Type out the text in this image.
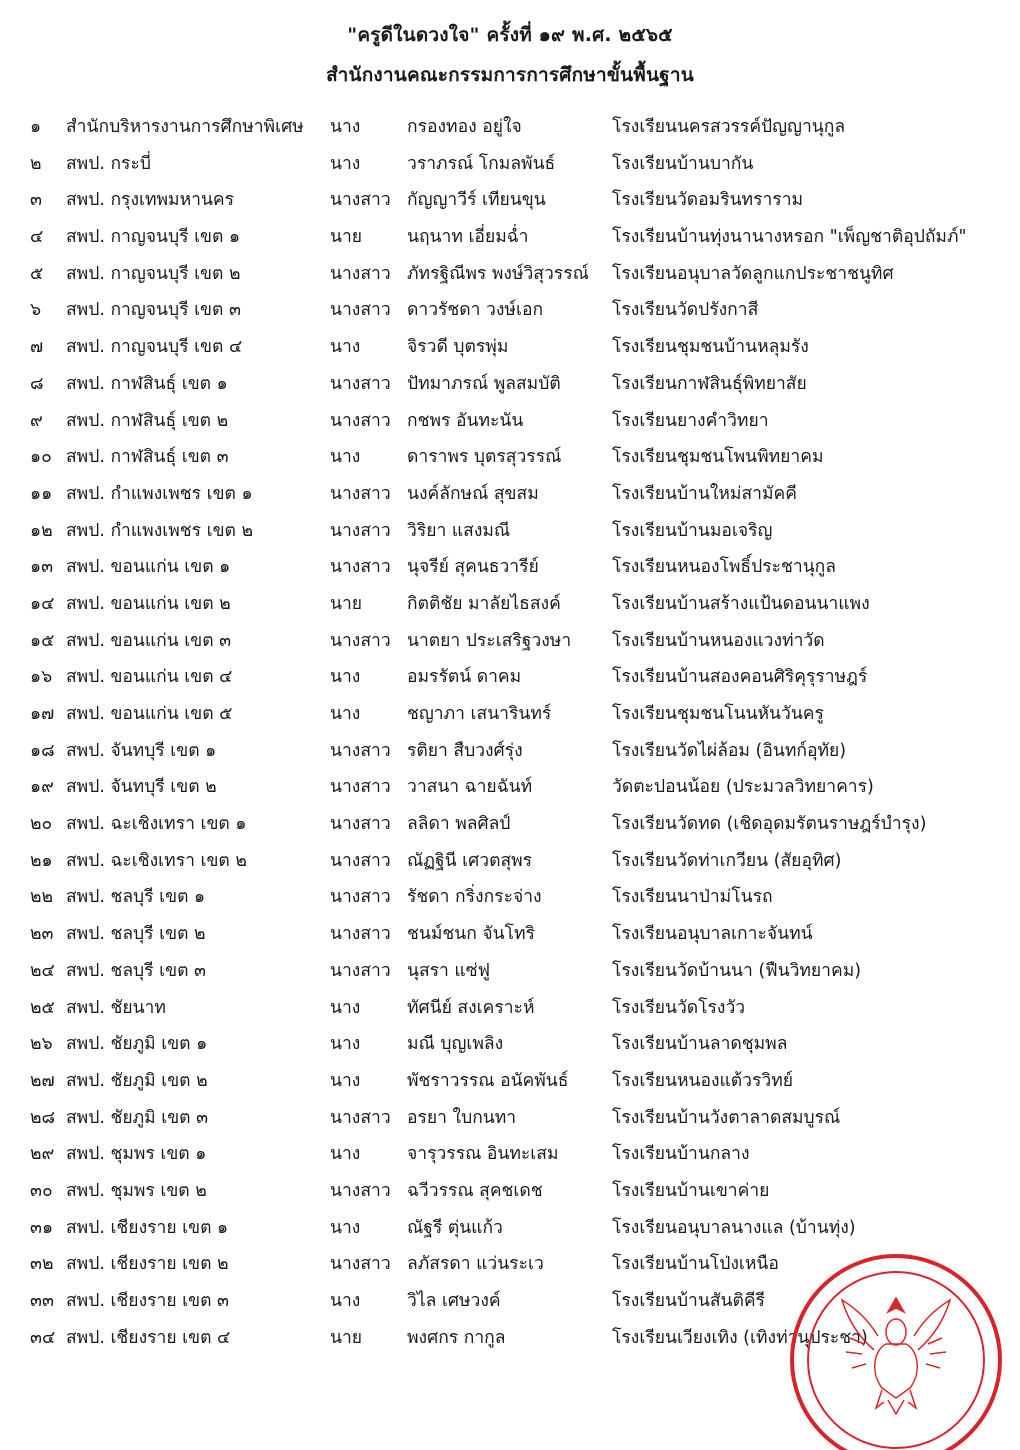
"ครูดีในดวงใจ" ครั้งที่ ๑๙ พ.ศ. ๒๕๖๕
สำนักงานคณะกรรมการการศึกษาขั้นพื้นฐาน
๑ สำนักบริหารงานการศึกษาพิเศษ นาง	กรองทอง อยู่ใจ	โรงเรียนนครสวรรค์ปัญญานุกูล
๒ สพป. กระบี่	นาง	วราภรณ์ โกมลพันธ์	โรงเรียนบ้านบากัน
๓ สพป. กรุงเทพมหานคร	นางสาว กัญญาวีร์ เทียนขุน	โรงเรียนวัดอมรินทราราม
๔ สพป. กาญจนบุรี เขต ๑	นาย	นฤนาท เอี่ยมฉ่ำ	โรงเรียนบ้านทุ่งนานางหรอก "เพ็ญชาติอุปถัมภ์"
๕ สพป. กาญจนบุรี เขต ๒	นางสาว ภัทรฐิณีพร พงษ์วิสุวรรณ์ โรงเรียนอนุบาลวัดลูกแกประชาชนูทิศ
๖ สพป. กาญจนบุรี เขต ๓	นางสาว ดาวรัชดา วงษ์เอก	โรงเรียนวัดปรังกาสี
๗ สพป. กาญจนบุรี เขต ๔	นาง	จิรวดี บุตรพุ่ม	โรงเรียนชุมชนบ้านหลุมรัง
๘ สพป. กาฬสินธุ์ เขต ๑	นางสาว ปัทมาภรณ์ พูลสมบัติ	โรงเรียนกาฬสินธุ์พิทยาสัย
๙ สพป. กาฬสินธุ์ เขต ๒	นางสาว กชพร อันทะนัน	โรงเรียนยางคำวิทยา
๑๐ สพป. กาฬสินธุ์ เขต ๓	นาง	ดาราพร บุตรสุวรรณ์	โรงเรียนชุมชนโพนพิทยาคม
๑๑ สพป. กำแพงเพชร เขต ๑	นางสาว นงค์ลักษณ์ สุขสม	โรงเรียนบ้านใหม่สามัคคี
๑๒ สพป. กำแพงเพชร เขต ๒	นางสาว วิริยา แสงมณี	โรงเรียนบ้านมอเจริญ
๑๓ สพป. ขอนแก่น เขต ๑	นางสาว นุจรีย์ สุคนธวารีย์	โรงเรียนหนองโพธิ์ประชานุกูล
๑๔ สพป. ขอนแก่น เขต ๒	นาย	กิตติชัย มาลัยไธสงค์	โรงเรียนบ้านสร้างแป้นดอนนาแพง
๑๕ สพป. ขอนแก่น เขต ๓	นางสาว นาตยา ประเสริฐวงษา โรงเรียนบ้านหนองแวงท่าวัด
๑๖ สพป. ขอนแก่น เขต ๔	นาง	อมรรัตน์ ดาคม	โรงเรียนบ้านสองคอนศิริคุรุราษฎร์
๑๗ สพป. ขอนแก่น เขต ๕	นาง	ชญาภา เสนารินทร์	โรงเรียนชุมชนโนนหันวันครู
๑๘ สพป. จันทบุรี เขต ๑	นางสาว รติยา สืบวงศ์รุ่ง	โรงเรียนวัดไผ่ล้อม (อินทก์อุทัย)
๑๙ สพป. จันทบุรี เขต ๒	นางสาว วาสนา ฉายฉันท์	วัดตะปอนน้อย (ประมวลวิทยาคาร)
๒๐ สพป. ฉะเชิงเทรา เขต ๑	นางสาว ลลิดา พลศิลป์	โรงเรียนวัดทด (เชิดอุดมรัตนราษฎร์บำรุง)
๒๑ สพป. ฉะเชิงเทรา เขต ๒	นางสาว ณัฏฐินี เศวตสุพร	โรงเรียนวัดท่าเกวียน (สัยอุทิศ)
๒๒ สพป. ชลบุรี เขต ๑	นางสาว รัชดา กริ่งกระจ่าง	โรงเรียนนาป่าม่โนรถ
๒๓ สพป. ชลบุรี เขต ๒	นางสาว ชนม์ชนก จันโทริ	โรงเรียนอนุบาลเกาะจันทน์
๒๔ สพป. ชลบุรี เขต ๓	นางสาว นุสรา แซ่ฟู	โรงเรียนวัดบ้านนา (ฟืนวิทยาคม)
๒๕ สพป. ชัยนาท	นาง	ทัศนีย์ สงเคราะห์	โรงเรียนวัดโรงวัว
๒๖ สพป. ชัยภูมิ เขต ๑	นาง	มณี บุญเพลิง	โรงเรียนบ้านลาดชุมพล
๒๗ สพป. ชัยภูมิ เขต ๒	นาง	พัชราวรรณ อนัคพันธ์ โรงเรียนหนองแต้วรวิทย์
๒๘ สพป. ชัยภูมิ เขต ๓	นางสาว อรยา ใบกนทา	โรงเรียนบ้านวังตาลาดสมบูรณ์
๒๙ สพป. ชุมพร เขต ๑	นาง	จารุวรรณ อินทะเสม	โรงเรียนบ้านกลาง
๓๐ สพป. ชุมพร เขต ๒	นางสาว ฉวีวรรณ สุคชเดช	โรงเรียนบ้านเขาค่าย
๓๑ สพป. เชียงราย เขต ๑	นาง	ณัฐรี ตุ่นแก้ว	โรงเรียนอนุบาลนางแล (บ้านทุ่ง)
๓๒ สพป. เชียงราย เขต ๒	นางสาว ลภัสรดา แว่นระเว	โรงเรียนบ้านโป่งเหนือ
๓๓ สพป. เชียงราย เขต ๓	นาง	วิไล เศษวงค์	โรงเรียนบ้านสันติคีรี
๓๔ สพป. เชียงราย เขต ๔	นาย	พงศกร กากูล	โรงเรียนเวียงเทิง (เทิงท่านุประชา)
